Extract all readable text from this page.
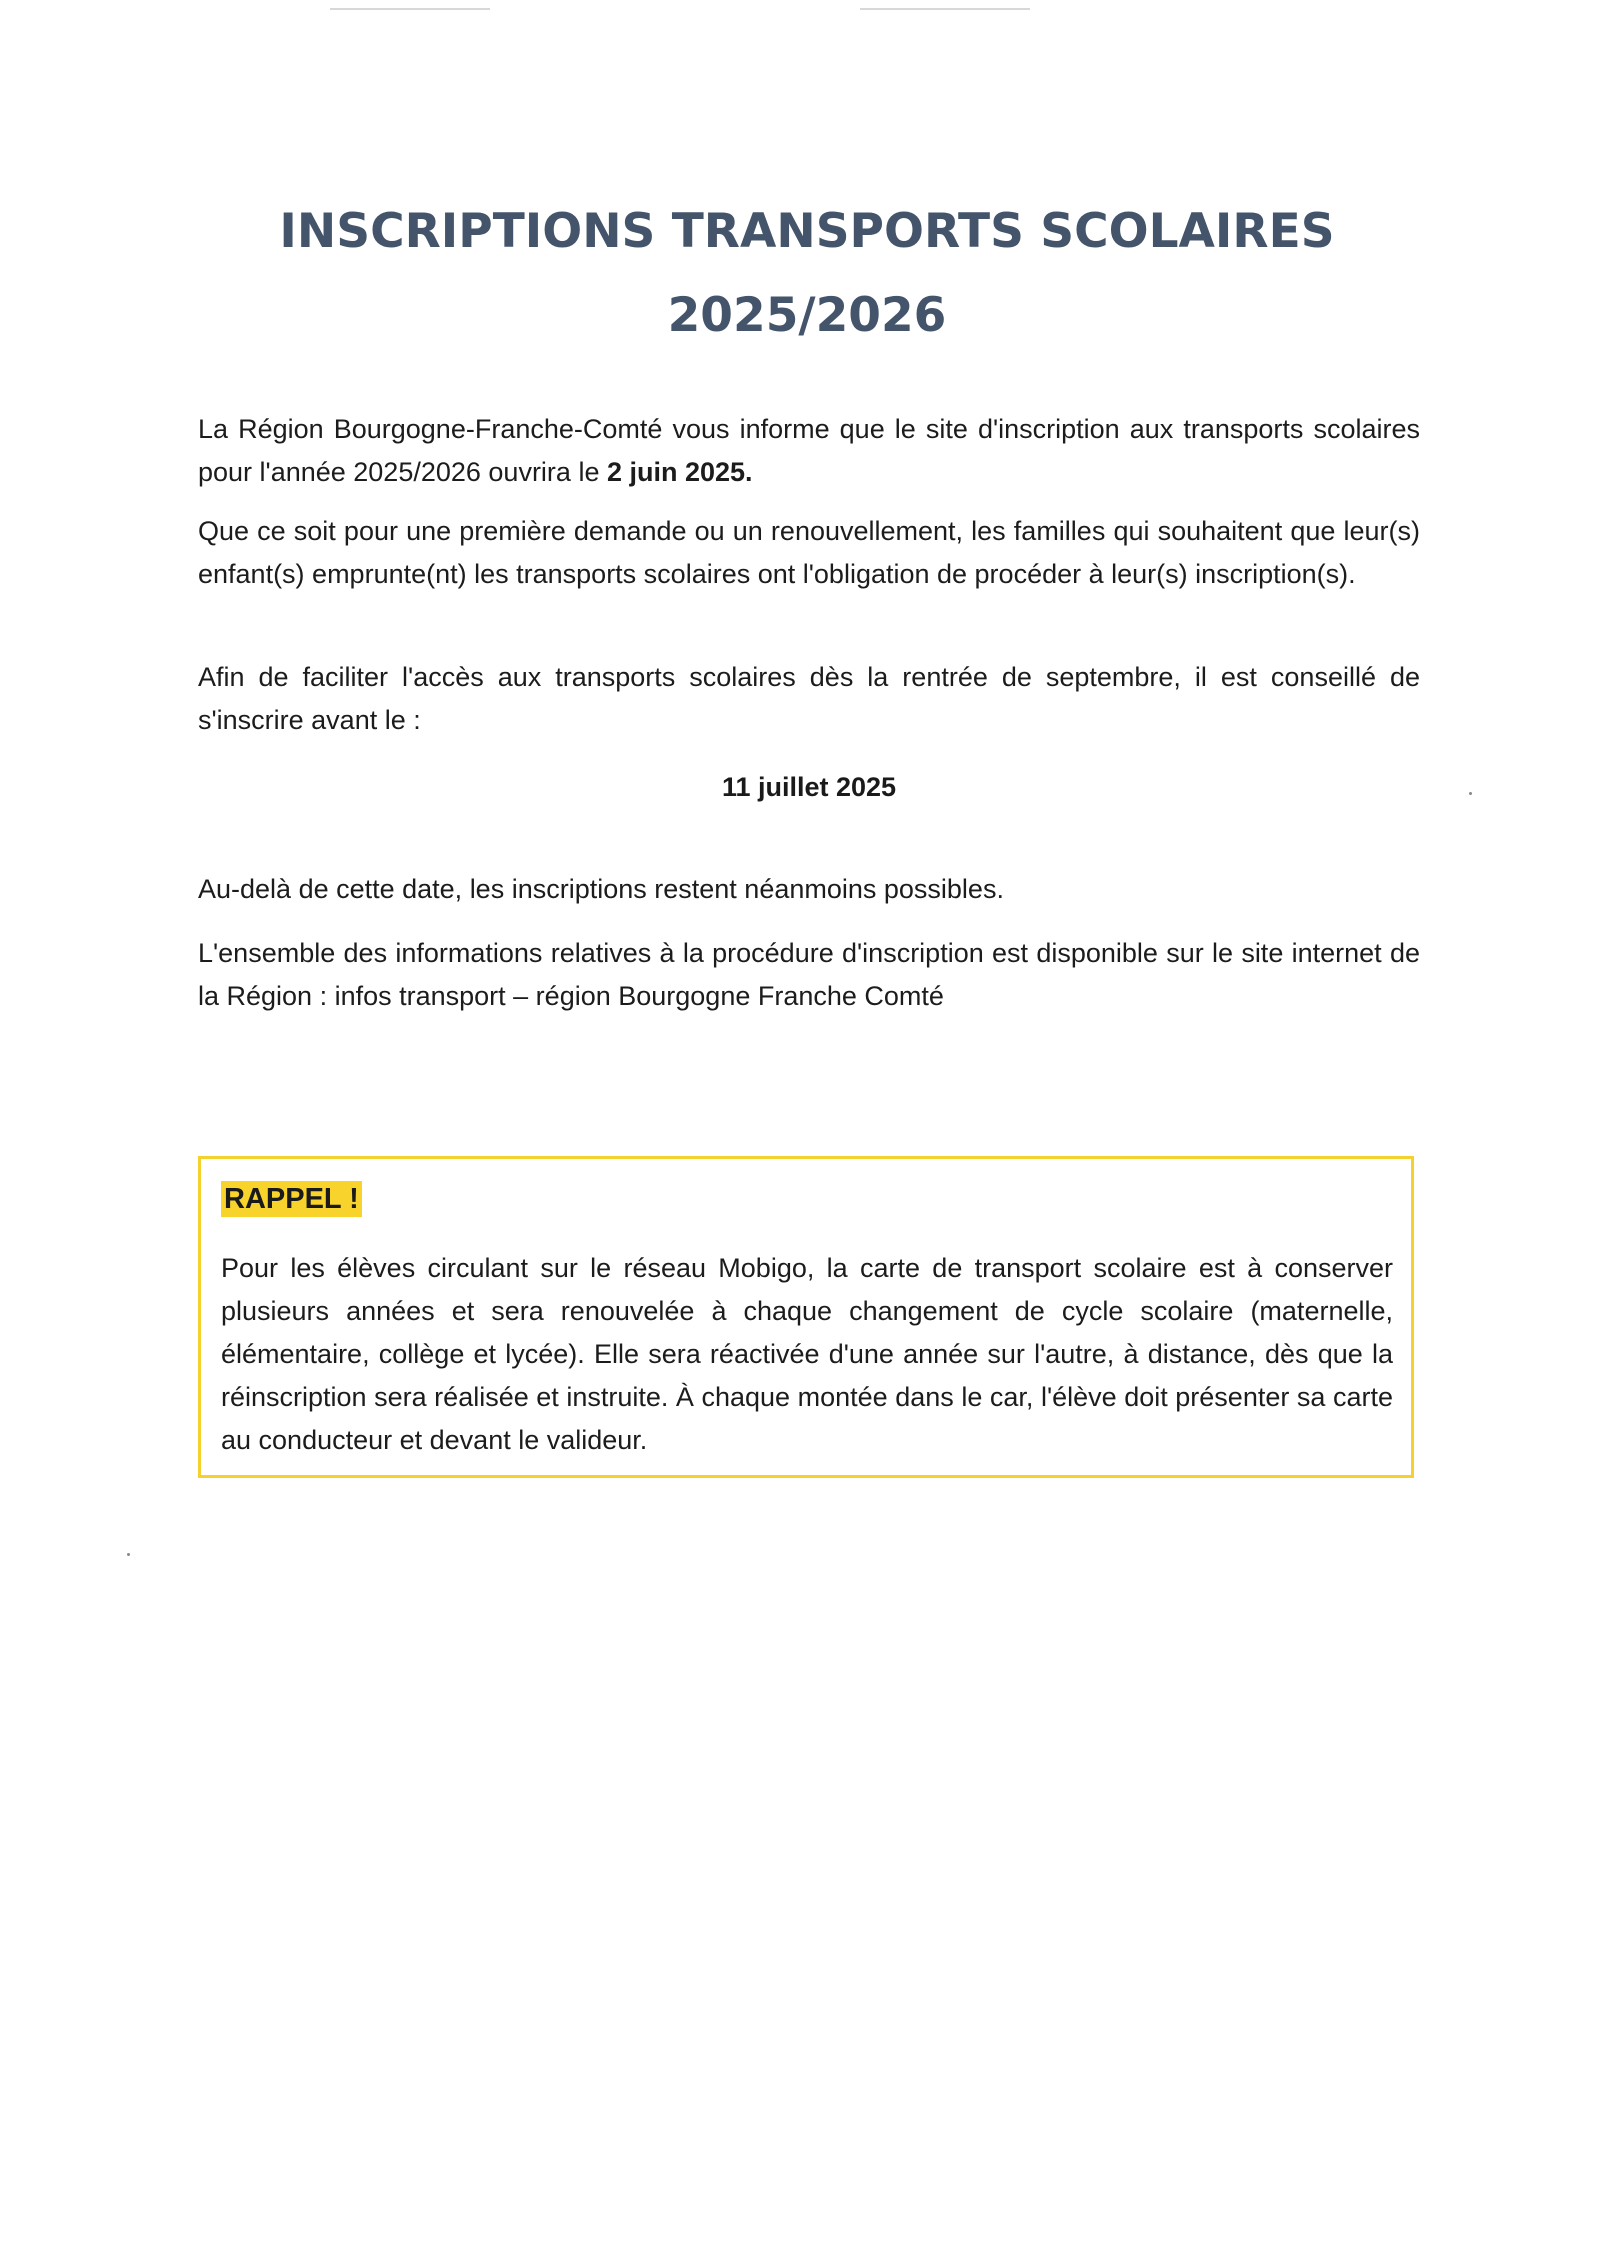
INSCRIPTIONS TRANSPORTS SCOLAIRES
2025/2026

La Région Bourgogne-Franche-Comté vous informe que le site d'inscription aux transports scolaires pour l'année 2025/2026 ouvrira le 2 juin 2025.

Que ce soit pour une première demande ou un renouvellement, les familles qui souhaitent que leur(s) enfant(s) emprunte(nt) les transports scolaires ont l'obligation de procéder à leur(s) inscription(s).

Afin de faciliter l'accès aux transports scolaires dès la rentrée de septembre, il est conseillé de s'inscrire avant le :

11 juillet 2025

Au-delà de cette date, les inscriptions restent néanmoins possibles.

L'ensemble des informations relatives à la procédure d'inscription est disponible sur le site internet de la Région : infos transport – région Bourgogne Franche Comté

RAPPEL !

Pour les élèves circulant sur le réseau Mobigo, la carte de transport scolaire est à conserver plusieurs années et sera renouvelée à chaque changement de cycle scolaire (maternelle, élémentaire, collège et lycée). Elle sera réactivée d'une année sur l'autre, à distance, dès que la réinscription sera réalisée et instruite. À chaque montée dans le car, l'élève doit présenter sa carte au conducteur et devant le valideur.
